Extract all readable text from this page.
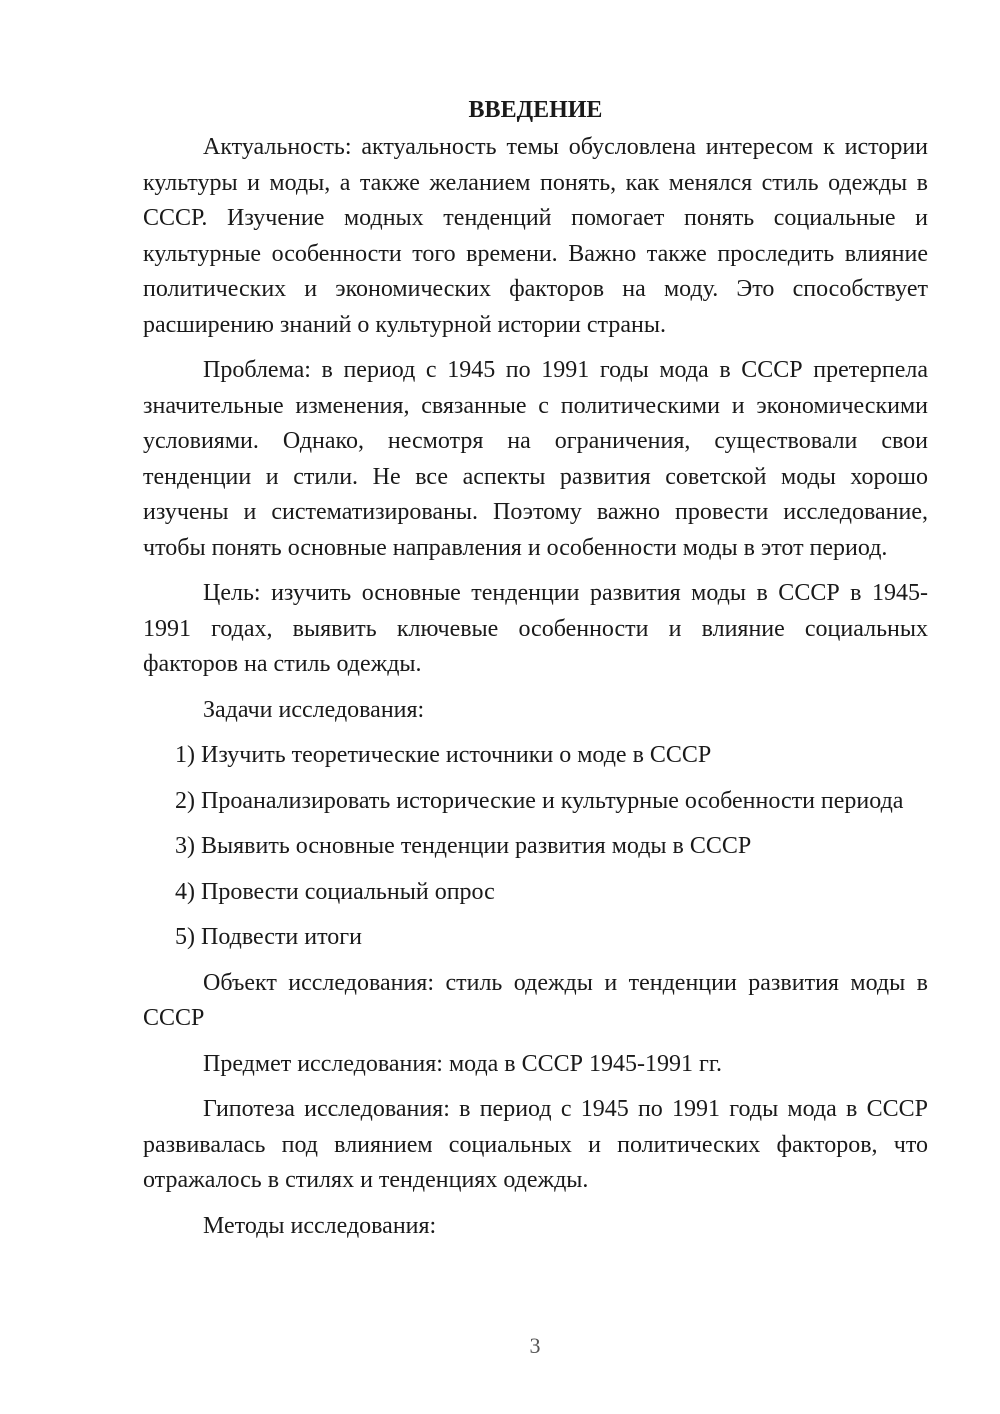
ВВЕДЕНИЕ

Актуальность: актуальность темы обусловлена интересом к истории культуры и моды, а также желанием понять, как менялся стиль одежды в СССР. Изучение модных тенденций помогает понять социальные и культурные особенности того времени. Важно также проследить влияние политических и экономических факторов на моду. Это способствует расширению знаний о культурной истории страны.

Проблема: в период с 1945 по 1991 годы мода в СССР претерпела значительные изменения, связанные с политическими и экономическими условиями. Однако, несмотря на ограничения, существовали свои тенденции и стили. Не все аспекты развития советской моды хорошо изучены и систематизированы. Поэтому важно провести исследование, чтобы понять основные направления и особенности моды в этот период.

Цель: изучить основные тенденции развития моды в СССР в 1945-1991 годах, выявить ключевые особенности и влияние социальных факторов на стиль одежды.

Задачи исследования:

1) Изучить теоретические источники о моде в СССР

2) Проанализировать исторические и культурные особенности периода

3) Выявить основные тенденции развития моды в СССР

4) Провести социальный опрос

5) Подвести итоги

Объект исследования: стиль одежды и тенденции развития моды в СССР

Предмет исследования: мода в СССР 1945-1991 гг.

Гипотеза исследования: в период с 1945 по 1991 годы мода в СССР развивалась под влиянием социальных и политических факторов, что отражалось в стилях и тенденциях одежды.

Методы исследования:

3
